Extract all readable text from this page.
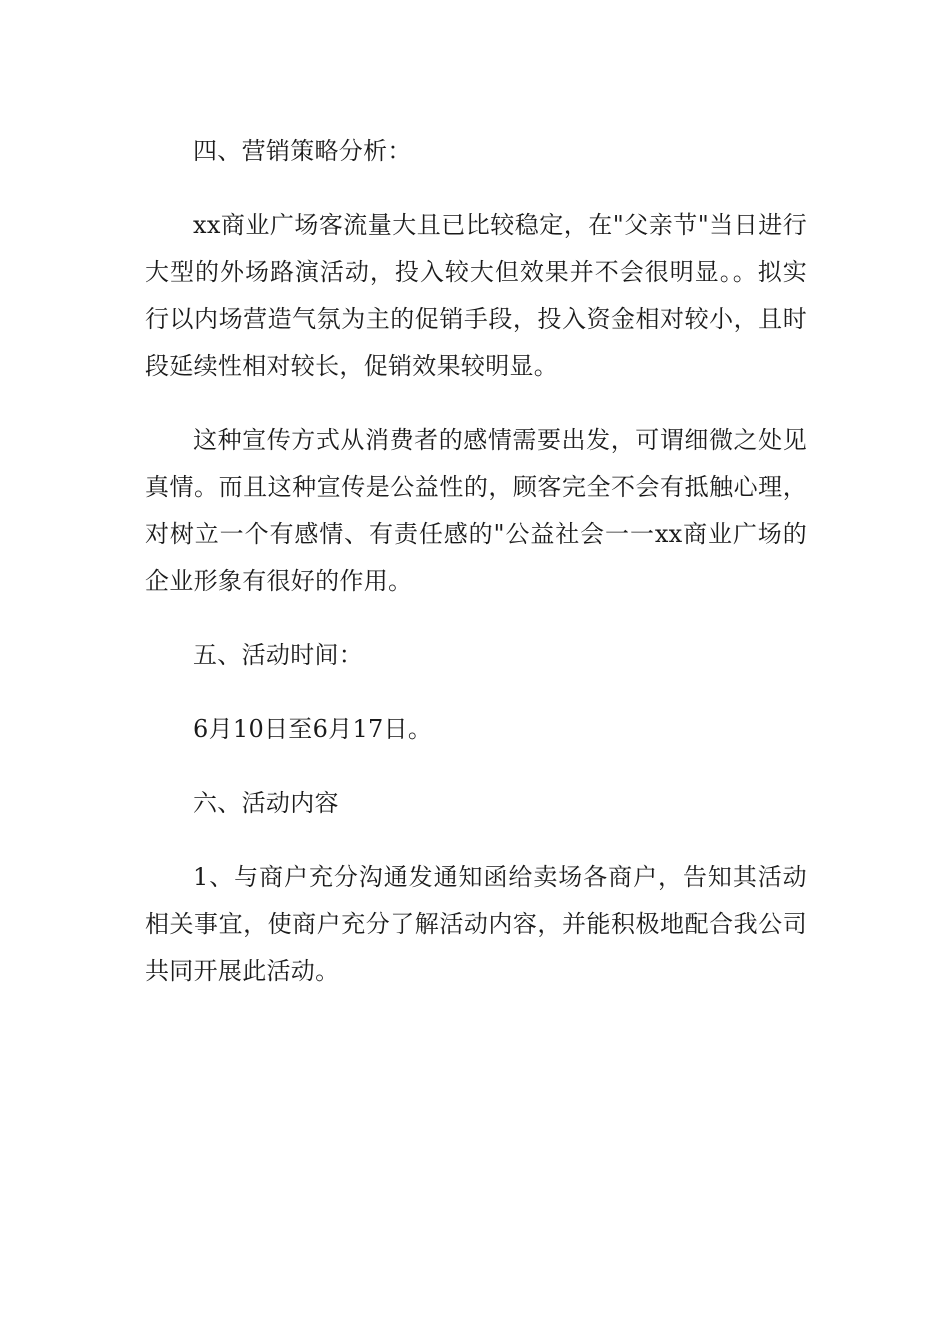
四、营销策略分析：

xx商业广场客流量大且已比较稳定，在"父亲节"当日进行大型的外场路演活动，投入较大但效果并不会很明显。。拟实行以内场营造气氛为主的促销手段，投入资金相对较小，且时段延续性相对较长，促销效果较明显。

这种宣传方式从消费者的感情需要出发，可谓细微之处见真情。而且这种宣传是公益性的，顾客完全不会有抵触心理，对树立一个有感情、有责任感的"公益社会一一xx商业广场的企业形象有很好的作用。

五、活动时间：

6月10日至6月17日。

六、活动内容

1、与商户充分沟通发通知函给卖场各商户，告知其活动相关事宜，使商户充分了解活动内容，并能积极地配合我公司共同开展此活动。
